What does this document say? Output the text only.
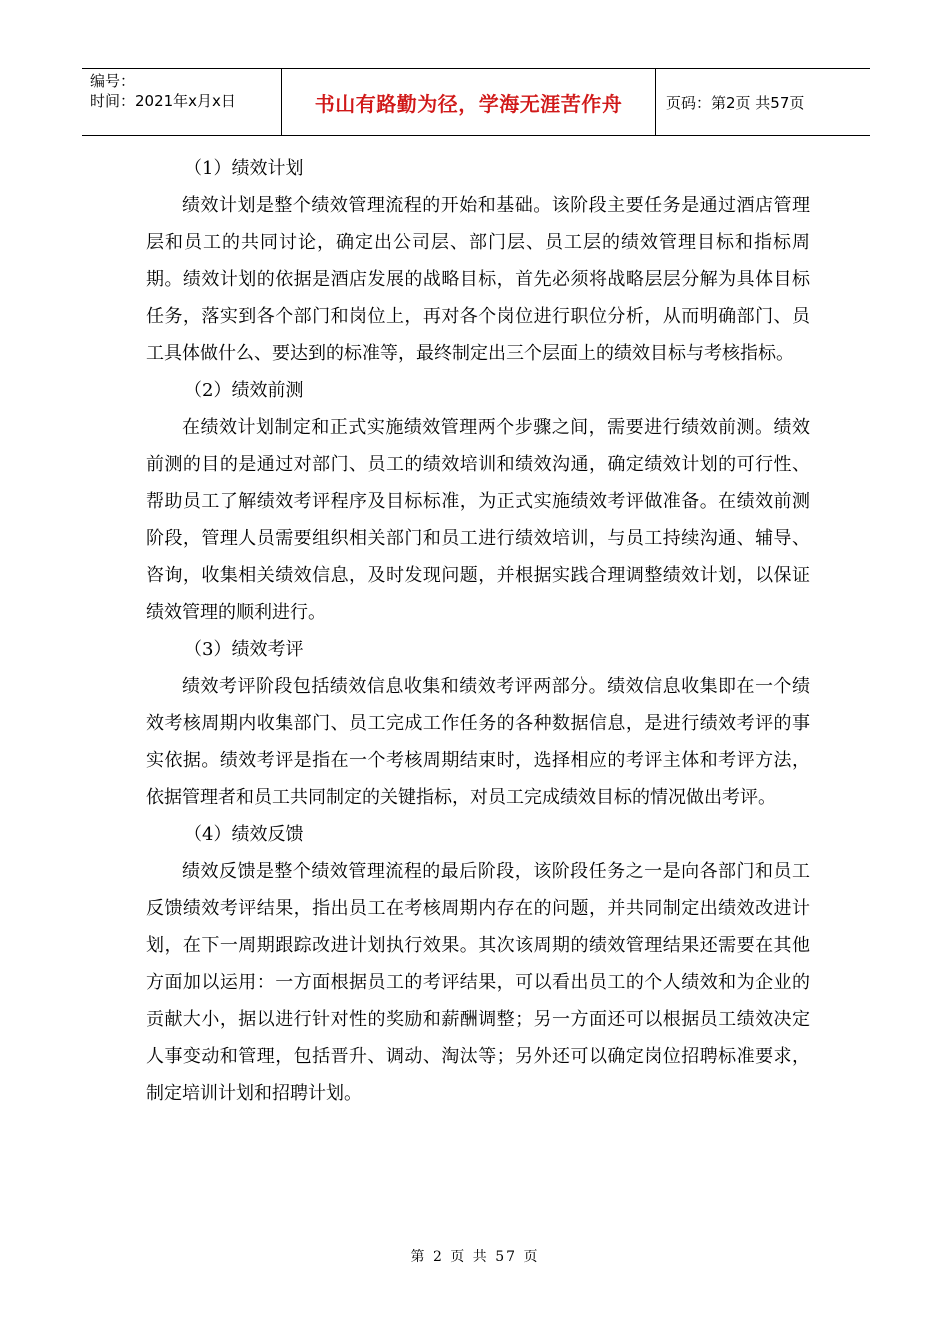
编号：
时间：2021年x月x日	书山有路勤为径，学海无涯苦作舟	页码：第2页 共57页

（1）绩效计划

绩效计划是整个绩效管理流程的开始和基础。该阶段主要任务是通过酒店管理层和员工的共同讨论，确定出公司层、部门层、员工层的绩效管理目标和指标周期。绩效计划的依据是酒店发展的战略目标，首先必须将战略层层分解为具体目标任务，落实到各个部门和岗位上，再对各个岗位进行职位分析，从而明确部门、员工具体做什么、要达到的标准等，最终制定出三个层面上的绩效目标与考核指标。

（2）绩效前测

在绩效计划制定和正式实施绩效管理两个步骤之间，需要进行绩效前测。绩效前测的目的是通过对部门、员工的绩效培训和绩效沟通，确定绩效计划的可行性、帮助员工了解绩效考评程序及目标标准，为正式实施绩效考评做准备。在绩效前测阶段，管理人员需要组织相关部门和员工进行绩效培训，与员工持续沟通、辅导、咨询，收集相关绩效信息，及时发现问题，并根据实践合理调整绩效计划，以保证绩效管理的顺利进行。

（3）绩效考评

绩效考评阶段包括绩效信息收集和绩效考评两部分。绩效信息收集即在一个绩效考核周期内收集部门、员工完成工作任务的各种数据信息，是进行绩效考评的事实依据。绩效考评是指在一个考核周期结束时，选择相应的考评主体和考评方法，依据管理者和员工共同制定的关键指标，对员工完成绩效目标的情况做出考评。

（4）绩效反馈

绩效反馈是整个绩效管理流程的最后阶段，该阶段任务之一是向各部门和员工反馈绩效考评结果，指出员工在考核周期内存在的问题，并共同制定出绩效改进计划，在下一周期跟踪改进计划执行效果。其次该周期的绩效管理结果还需要在其他方面加以运用：一方面根据员工的考评结果，可以看出员工的个人绩效和为企业的贡献大小，据以进行针对性的奖励和薪酬调整；另一方面还可以根据员工绩效决定人事变动和管理，包括晋升、调动、淘汰等；另外还可以确定岗位招聘标准要求，制定培训计划和招聘计划。

第 2 页 共 57 页
